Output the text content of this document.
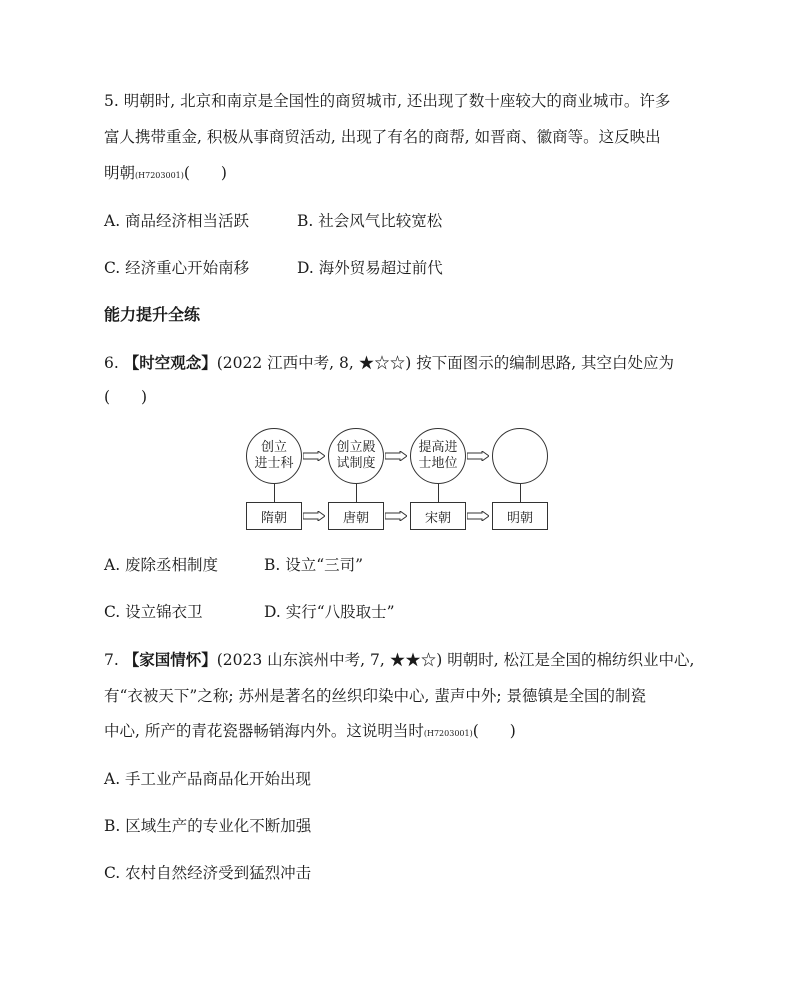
5. 明朝时, 北京和南京是全国性的商贸城市, 还出现了数十座较大的商业城市。许多
富人携带重金, 积极从事商贸活动, 出现了有名的商帮, 如晋商、徽商等。这反映出
明朝(H7203001)(　　)
A. 商品经济相当活跃	B. 社会风气比较宽松
C. 经济重心开始南移	D. 海外贸易超过前代
能力提升全练
6. 【时空观念】(2022 江西中考, 8, ★☆☆) 按下面图示的编制思路, 其空白处应为
(　　)
创立
进士科
创立殿
试制度
提高进
士地位
隋朝	唐朝	宋朝	明朝
A. 废除丞相制度	B. 设立“三司”
C. 设立锦衣卫	D. 实行“八股取士”
7. 【家国情怀】(2023 山东滨州中考, 7, ★★☆) 明朝时, 松江是全国的棉纺织业中心,
有“衣被天下”之称; 苏州是著名的丝织印染中心, 蜚声中外; 景德镇是全国的制瓷
中心, 所产的青花瓷器畅销海内外。这说明当时(H7203001)(　　)
A. 手工业产品商品化开始出现
B. 区域生产的专业化不断加强
C. 农村自然经济受到猛烈冲击
